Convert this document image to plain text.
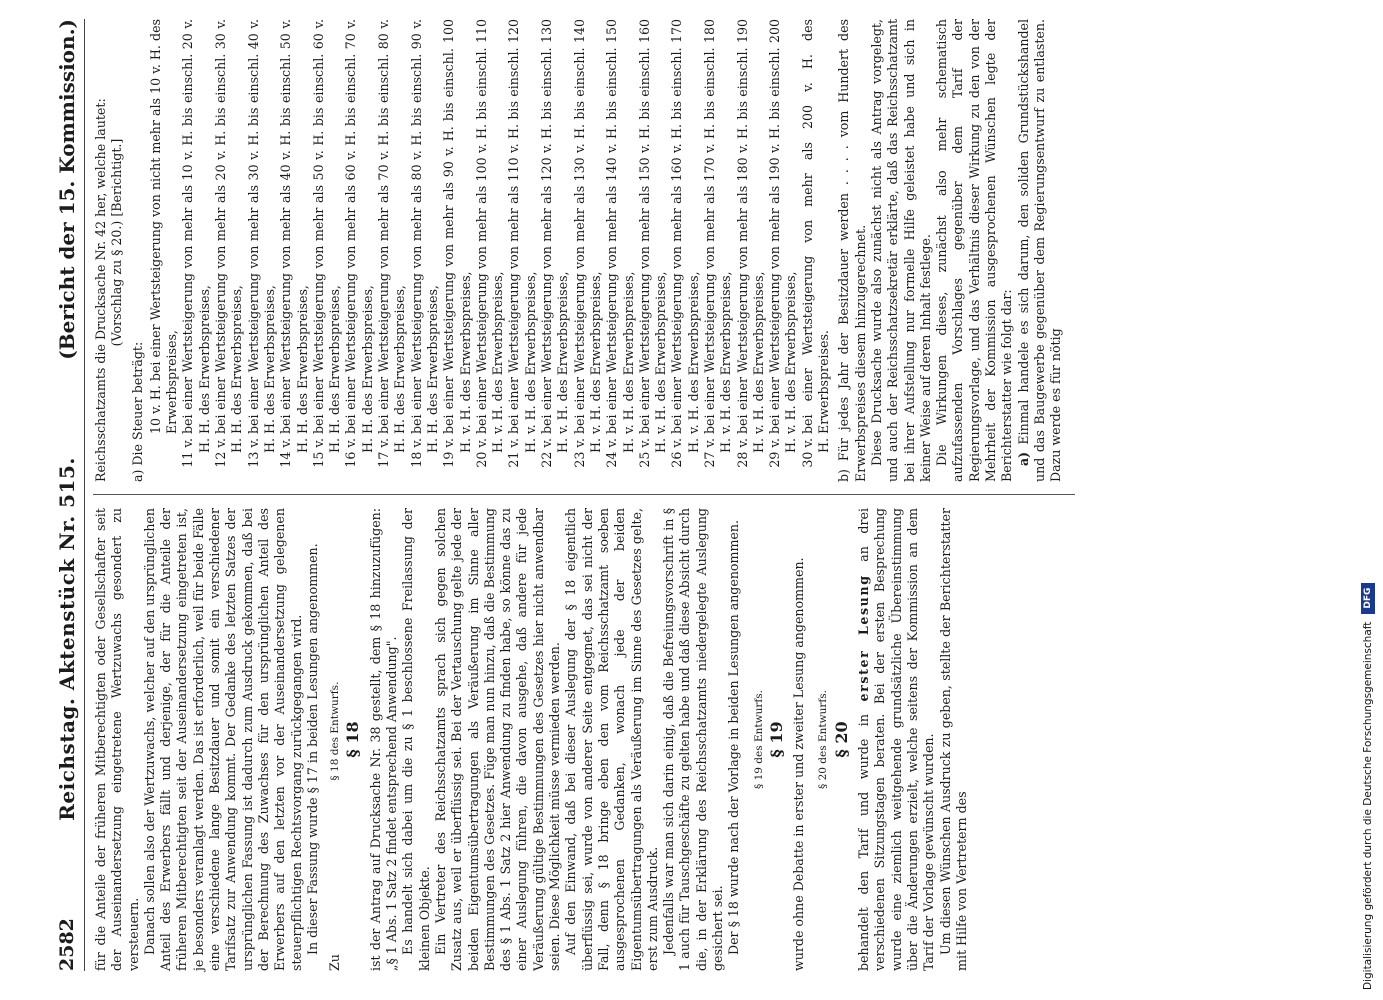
2582
Reichstag. Aktenstück Nr. 515.
(Bericht der 15. Kommission.)

für die Anteile der früheren Mitberechtigten oder Gesellschafter seit der Auseinandersetzung eingetretene Wertzuwachs gesondert zu versteuern. Danach sollen also der Wertzuwachs, welcher auf den ursprünglichen Anteil des Erwerbers fällt und derjenige, der für die Anteile der früheren Mitberechtigten seit der Auseinandersetzung eingetreten ist, je besonders veranlagt werden. Das ist erforderlich, weil für beide Fälle eine verschiedene lange Besitzdauer und somit ein verschiedener Tarifsatz zur Anwendung kommt. Der Gedanke des letzten Satzes der ursprünglichen Fassung ist dadurch zum Ausdruck gekommen, daß bei der Berechnung des Zuwachses für den ursprünglichen Anteil des Erwerbers auf den letzten vor der Auseinandersetzung gelegenen steuerpflichtigen Rechtsvorgang zurückgegangen wird. In dieser Fassung wurde § 17 in beiden Lesungen angenommen.

Zu
§ 18 des Entwurfs. § 18 ist der Antrag auf Drucksache Nr. 38 gestellt, dem § 18 hinzuzufügen: „§ 1 Abs. 1 Satz 2 findet entsprechend Anwendung". Es handelt sich dabei um die zu § 1 beschlossene Freilassung der kleinen Objekte. Ein Vertreter des Reichsschatzamts sprach sich gegen solchen Zusatz aus, weil er überflüssig sei. Bei der Vertauschung gelte jede der beiden Eigentumsübertragungen als Veräußerung im Sinne aller Bestimmungen des Gesetzes. Füge man nun hinzu, daß die Bestimmung des § 1 Abs. 1 Satz 2 hier Anwendung zu finden habe, so könne das zu einer Auslegung führen, die davon ausgehe, daß andere für jede Veräußerung gültige Bestimmungen des Gesetzes hier nicht anwendbar seien. Diese Möglichkeit müsse vermieden werden. Auf den Einwand, daß bei dieser Auslegung der § 18 eigentlich überflüssig sei, wurde von anderer Seite entgegnet, das sei nicht der Fall, denn § 18 bringe eben den vom Reichsschatzamt soeben ausgesprochenen Gedanken, wonach jede der beiden Eigentumsübertragungen als Veräußerung im Sinne des Gesetzes gelte, erst zum Ausdruck. Jedenfalls war man sich darin einig, daß die Befreiungsvorschrift in § 1 auch für Tauschgeschäfte zu gelten habe und daß diese Absicht durch die, in der Erklärung des Reichsschatzamts niedergelegte Auslegung gesichert sei. Der § 18 wurde nach der Vorlage in beiden Lesungen angenommen. § 19 des Entwurfs. § 19 wurde ohne Debatte in erster und zweiter Lesung angenommen. § 20 des Entwurfs. § 20 behandelt den Tarif und wurde in erster Lesung an drei verschiedenen Sitzungstagen beraten. Bei der ersten Besprechung wurde eine ziemlich weitgehende grundsätzliche Übereinstimmung über die Änderungen erzielt, welche seitens der Kommission an dem Tarif der Vorlage gewünscht wurden. Um diesen Wünschen Ausdruck zu geben, stellte der Berichterstatter mit Hilfe von Vertretern des

Reichsschatzamts die Drucksache Nr. 42 her, welche lautet: (Vorschlag zu § 20.) [Berichtigt.]

a) Die Steuer beträgt: 10 v. H. bei einer Wertsteigerung von nicht mehr als 10 v. H. des Erwerbspreises,
11 v. H.
bei einer Wertsteigerung von mehr als 10 v. H. bis einschl. 20 v. H. des Erwerbspreises,
12 v. H.
bei einer Wertsteigerung von mehr als 20 v. H. bis einschl. 30 v. H. des Erwerbspreises,
13 v. H.
bei einer Wertsteigerung von mehr als 30 v. H. bis einschl. 40 v. H. des Erwerbspreises,
14 v. H.
bei einer Wertsteigerung von mehr als 40 v. H. bis einschl. 50 v. H. des Erwerbspreises,
15 v. H.
bei einer Wertsteigerung von mehr als 50 v. H. bis einschl. 60 v. H. des Erwerbspreises,
16 v. H.
bei einer Wertsteigerung von mehr als 60 v. H. bis einschl. 70 v. H. des Erwerbspreises,
17 v. H.
bei einer Wertsteigerung von mehr als 70 v. H. bis einschl. 80 v. H. des Erwerbspreises,
18 v. H.
bei einer Wertsteigerung von mehr als 80 v. H. bis einschl. 90 v. H. des Erwerbspreises,
19 v. H.
bei einer Wertsteigerung von mehr als 90 v. H. bis einschl. 100 v. H. des Erwerbspreises,
20 v. H.
bei einer Wertsteigerung von mehr als 100 v. H. bis einschl. 110 v. H. des Erwerbspreises,
21 v. H.
bei einer Wertsteigerung von mehr als 110 v. H. bis einschl. 120 v. H. des Erwerbspreises,
22 v. H.
bei einer Wertsteigerung von mehr als 120 v. H. bis einschl. 130 v. H. des Erwerbspreises,
23 v. H.
bei einer Wertsteigerung von mehr als 130 v. H. bis einschl. 140 v. H. des Erwerbspreises,
24 v. H.
bei einer Wertsteigerung von mehr als 140 v. H. bis einschl. 150 v. H. des Erwerbspreises,
25 v. H.
bei einer Wertsteigerung von mehr als 150 v. H. bis einschl. 160 v. H. des Erwerbspreises,
26 v. H.
bei einer Wertsteigerung von mehr als 160 v. H. bis einschl. 170 v. H. des Erwerbspreises,
27 v. H.
bei einer Wertsteigerung von mehr als 170 v. H. bis einschl. 180 v. H. des Erwerbspreises,
28 v. H.
bei einer Wertsteigerung von mehr als 180 v. H. bis einschl. 190 v. H. des Erwerbspreises,
29 v. H.
bei einer Wertsteigerung von mehr als 190 v. H. bis einschl. 200 v. H. des Erwerbspreises,
30 v. H.
bei einer Wertsteigerung von mehr als 200 v. H. des Erwerbspreises. b) Für jedes Jahr der Besitzdauer werden . . . . vom Hundert des Erwerbspreises diesem hinzugerechnet. Diese Drucksache wurde also zunächst nicht als Antrag vorgelegt, und auch der Reichsschatzsekretär erklärte, daß das Reichsschatzamt bei ihrer Aufstellung nur formelle Hilfe geleistet habe und sich in keiner Weise auf deren Inhalt festlege. Die Wirkungen dieses, zunächst also mehr schematisch aufzufassenden Vorschlages gegenüber dem Tarif der Regierungsvorlage, und das Verhältnis dieser Wirkung zu den von der Mehrheit der Kommission ausgesprochenen Wünschen legte der Berichterstatter wie folgt dar: a) Einmal handele es sich darum, den soliden Grundstückshandel und das Baugewerbe gegenüber dem Regierungsentwurf zu entlasten. Dazu werde es für nötig

Digitalisierung gefördert durch die Deutsche Forschungsgemeinschaft
DFG
